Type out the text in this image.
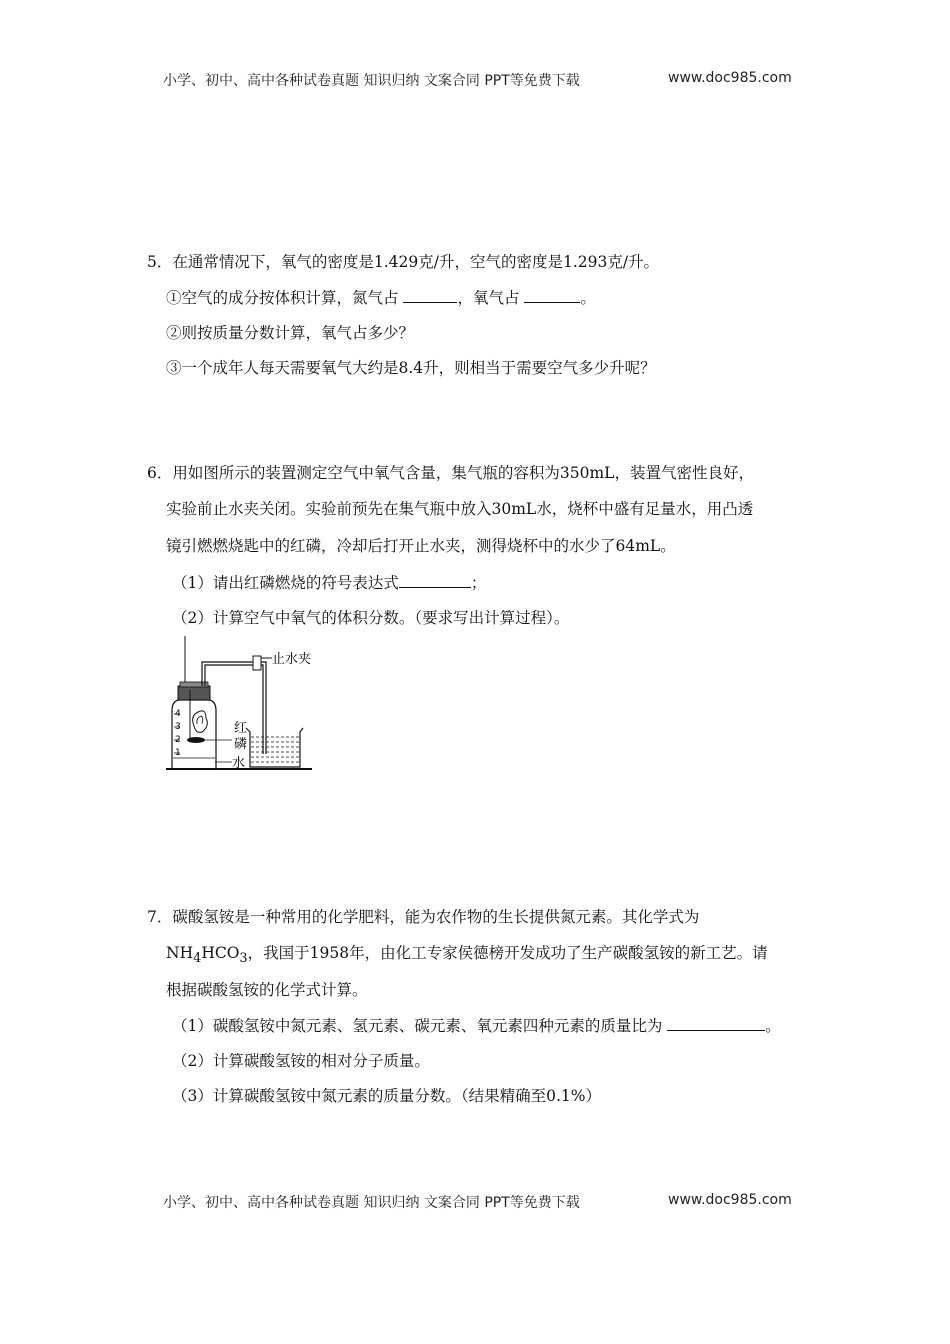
小学、初中、高中各种试卷真题 知识归纳 文案合同 PPT等免费下载	www.doc985.com
5．在通常情况下，氧气的密度是1.429克/升，空气的密度是1.293克/升。
①空气的成分按体积计算，氮气占	，氧气占	。
②则按质量分数计算，氧气占多少？
③一个成年人每天需要氧气大约是8.4升，则相当于需要空气多少升呢？
6．用如图所示的装置测定空气中氧气含量，集气瓶的容积为350mL，装置气密性良好，
实验前止水夹关闭。实验前预先在集气瓶中放入30mL水，烧杯中盛有足量水，用凸透
镜引燃燃烧匙中的红磷，冷却后打开止水夹，测得烧杯中的水少了64mL。
（1）请出红磷燃烧的符号表达式	；
（2）计算空气中氧气的体积分数。（要求写出计算过程）。
止水夹
4
3
2
1
红
磷
水
7．碳酸氢铵是一种常用的化学肥料，能为农作物的生长提供氮元素。其化学式为
$NH_4HCO_3$，我国于1958年，由化工专家侯德榜开发成功了生产碳酸氢铵的新工艺。请
根据碳酸氢铵的化学式计算。
（1）碳酸氢铵中氮元素、氢元素、碳元素、氧元素四种元素的质量比为	。
（2）计算碳酸氢铵的相对分子质量。
（3）计算碳酸氢铵中氮元素的质量分数。（结果精确至0.1%）
小学、初中、高中各种试卷真题 知识归纳 文案合同 PPT等免费下载	www.doc985.com
